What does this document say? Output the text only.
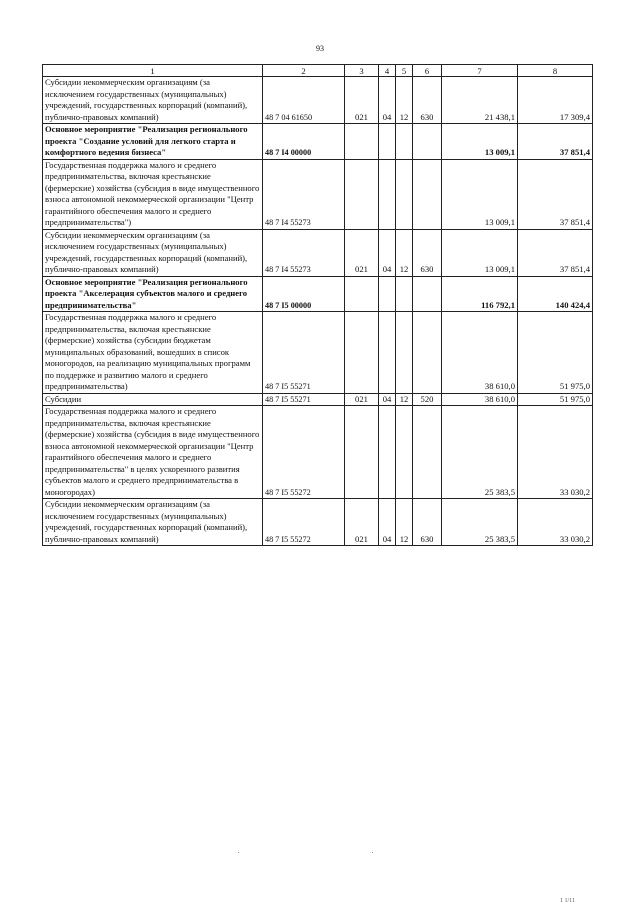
93
1	2	3	4	5	6	7	8
Субсидии некоммерческим организациям (за исключением государственных (муниципальных) учреждений, государственных корпораций (компаний), публично-правовых компаний)	48 7 04 61650	021	04	12	630	21 438,1	17 309,4
Основное мероприятие "Реализация регионального проекта "Создание условий для легкого старта и комфортного ведения бизнеса"	48 7 I4 00000					13 009,1	37 851,4
Государственная поддержка малого и среднего предпринимательства, включая крестьянские (фермерские) хозяйства (субсидия в виде имущественного взноса автономной некоммерческой организации "Центр гарантийного обеспечения малого и среднего предпринимательства")	48 7 I4 55273					13 009,1	37 851,4
Субсидии некоммерческим организациям (за исключением государственных (муниципальных) учреждений, государственных корпораций (компаний), публично-правовых компаний)	48 7 I4 55273	021	04	12	630	13 009,1	37 851,4
Основное мероприятие "Реализация регионального проекта "Акселерация субъектов малого и среднего предпринимательства"	48 7 I5 00000					116 792,1	140 424,4
Государственная поддержка малого и среднего предпринимательства, включая крестьянские (фермерские) хозяйства (субсидии бюджетам муниципальных образований, вошедших в список моногородов, на реализацию муниципальных программ по поддержке и развитию малого и среднего предпринимательства)	48 7 I5 55271					38 610,0	51 975,0
Субсидии	48 7 I5 55271	021	04	12	520	38 610,0	51 975,0
Государственная поддержка малого и среднего предпринимательства, включая крестьянские (фермерские) хозяйства (субсидия в виде имущественного взноса автономной некоммерческой организации "Центр гарантийного обеспечения малого и среднего предпринимательства" в целях ускоренного развития субъектов малого и среднего предпринимательства в моногородах)	48 7 I5 55272					25 383,5	33 030,2
Субсидии некоммерческим организациям (за исключением государственных (муниципальных) учреждений, государственных корпораций (компаний), публично-правовых компаний)	48 7 I5 55272	021	04	12	630	25 383,5	33 030,2
1 1/11
